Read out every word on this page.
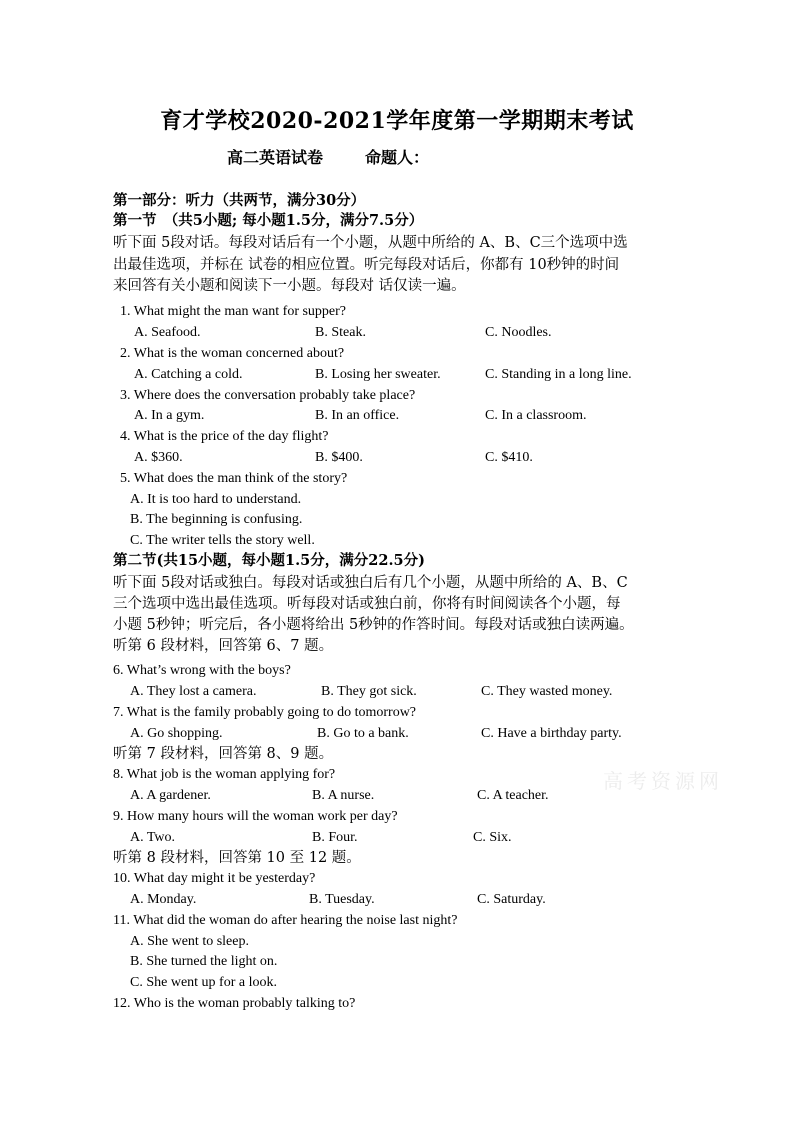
育才学校2020-2021学年度第一学期期末考试
高二英语试卷	命题人：
第一部分：听力（共两节，满分30分）
第一节　（共5小题; 每小题1.5分，满分7.5分）
听下面 5段对话。每段对话后有一个小题，从题中所给的 A、B、C三个选项中选
出最佳选项，并标在 试卷的相应位置。听完每段对话后，你都有 10秒钟的时间
来回答有关小题和阅读下一小题。每段对 话仅读一遍。
1. What might the man want for supper?
A. Seafood.	B. Steak.	C. Noodles.
2. What is the woman concerned about?
A. Catching a cold.	B. Losing her sweater.	C. Standing in a long line.
3. Where does the conversation probably take place?
A. In a gym.	B. In an office.	C. In a classroom.
4. What is the price of the day flight?
A. $360.	B. $400.	C. $410.
5. What does the man think of the story?
A. It is too hard to understand.
B. The beginning is confusing.
C. The writer tells the story well.
第二节(共15小题，每小题1.5分，满分22.5分)
听下面 5段对话或独白。每段对话或独白后有几个小题，从题中所给的 A、B、C
三个选项中选出最佳选项。听每段对话或独白前，你将有时间阅读各个小题，每
小题 5秒钟；听完后，各小题将给出 5秒钟的作答时间。每段对话或独白读两遍。
听第 6 段材料，回答第 6、7 题。
6. What’s wrong with the boys?
A. They lost a camera.	B. They got sick.	C. They wasted money.
7. What is the family probably going to do tomorrow?
A. Go shopping.	B. Go to a bank.	C. Have a birthday party.
听第 7 段材料，回答第 8、9 题。
8. What job is the woman applying for?
A. A gardener.	B. A nurse.	C. A teacher.
9. How many hours will the woman work per day?
A. Two.	B. Four.	C. Six.
听第 8 段材料，回答第 10 至 12 题。
10. What day might it be yesterday?
A. Monday.	B. Tuesday.	C. Saturday.
11. What did the woman do after hearing the noise last night?
A. She went to sleep.
B. She turned the light on.
C. She went up for a look.
12. Who is the woman probably talking to?
高考资源网
